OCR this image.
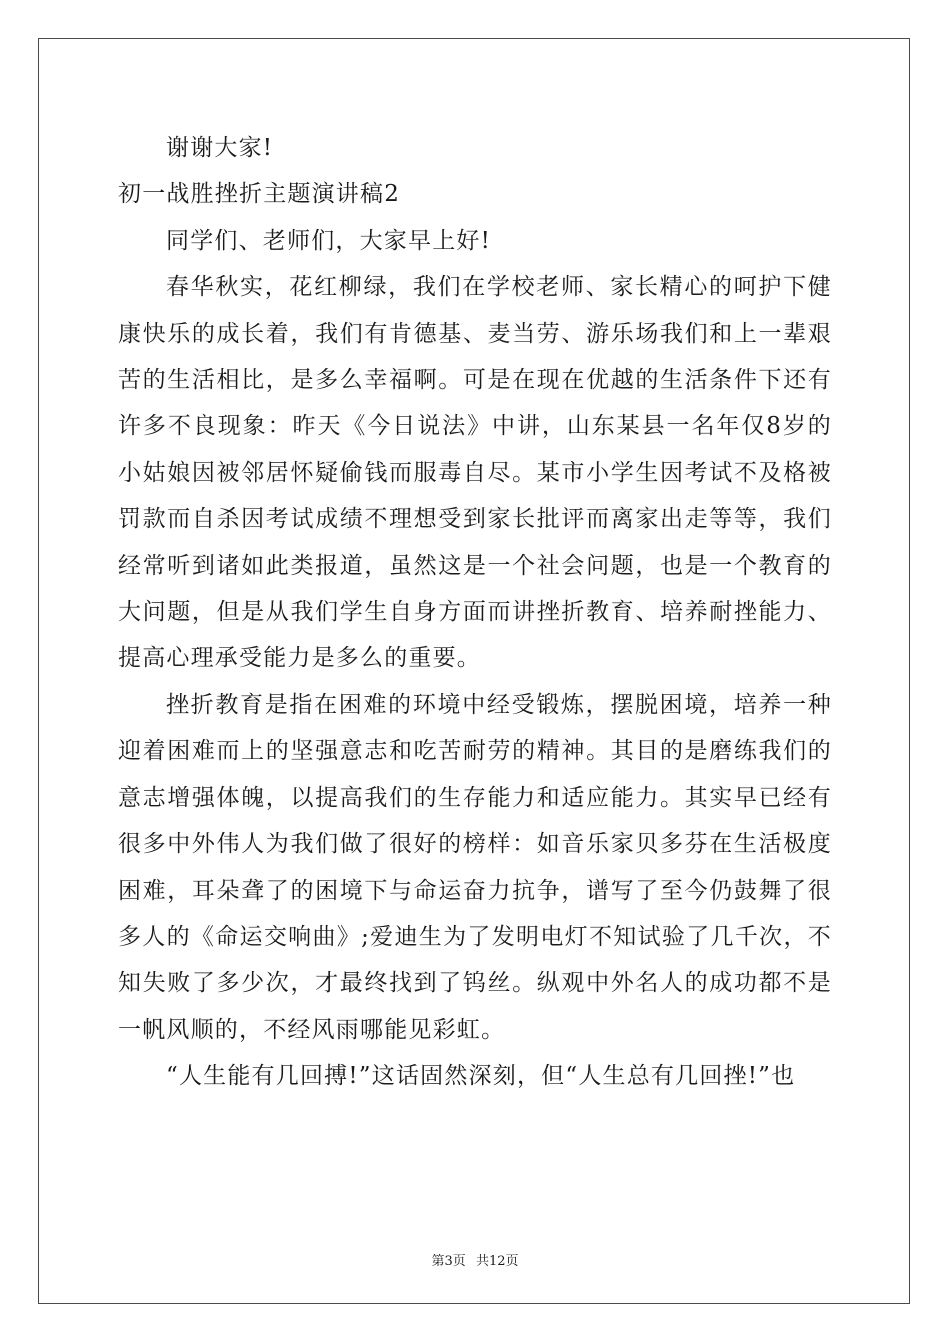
谢谢大家!

初一战胜挫折主题演讲稿2

同学们、老师们，大家早上好!

春华秋实，花红柳绿，我们在学校老师、家长精心的呵护下健康快乐的成长着，我们有肯德基、麦当劳、游乐场我们和上一辈艰苦的生活相比，是多么幸福啊。可是在现在优越的生活条件下还有许多不良现象：昨天《今日说法》中讲，山东某县一名年仅8岁的小姑娘因被邻居怀疑偷钱而服毒自尽。某市小学生因考试不及格被罚款而自杀因考试成绩不理想受到家长批评而离家出走等等，我们经常听到诸如此类报道，虽然这是一个社会问题，也是一个教育的大问题，但是从我们学生自身方面而讲挫折教育、培养耐挫能力、提高心理承受能力是多么的重要。

挫折教育是指在困难的环境中经受锻炼，摆脱困境，培养一种迎着困难而上的坚强意志和吃苦耐劳的精神。其目的是磨练我们的意志增强体魄，以提高我们的生存能力和适应能力。其实早已经有很多中外伟人为我们做了很好的榜样：如音乐家贝多芬在生活极度困难，耳朵聋了的困境下与命运奋力抗争，谱写了至今仍鼓舞了很多人的《命运交响曲》;爱迪生为了发明电灯不知试验了几千次，不知失败了多少次，才最终找到了钨丝。纵观中外名人的成功都不是一帆风顺的，不经风雨哪能见彩虹。

“人生能有几回搏!”这话固然深刻，但“人生总有几回挫!”也

第3页 共12页
